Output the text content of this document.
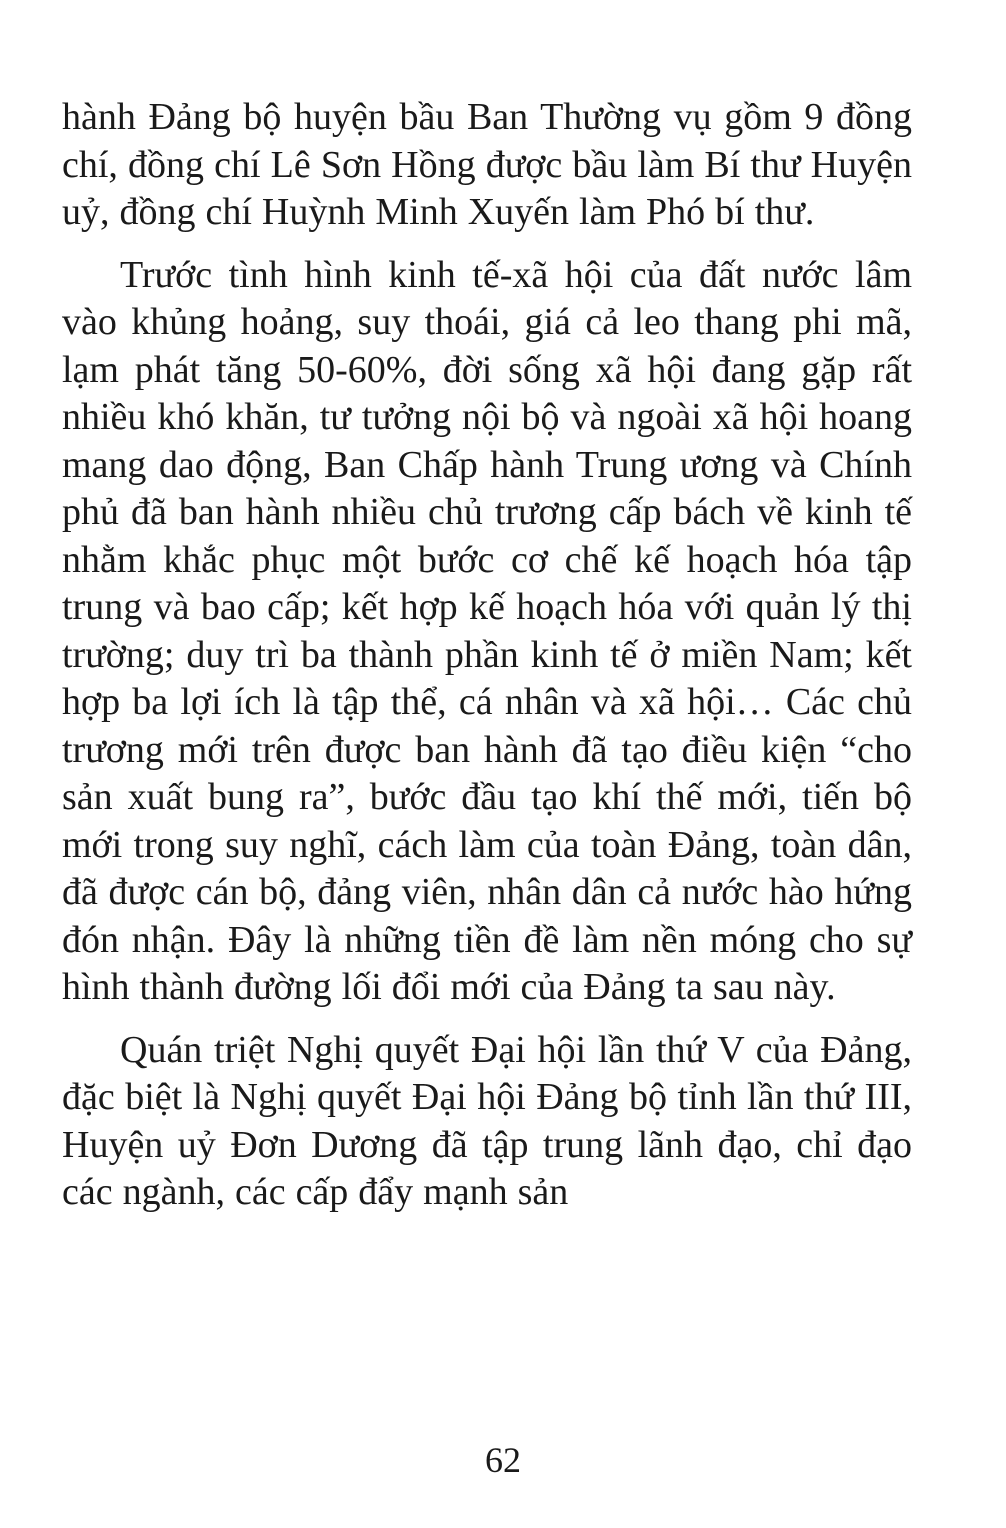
hành Đảng bộ huyện bầu Ban Thường vụ gồm 9 đồng chí, đồng chí Lê Sơn Hồng được bầu làm Bí thư Huyện uỷ, đồng chí Huỳnh Minh Xuyến làm Phó bí thư.

Trước tình hình kinh tế-xã hội của đất nước lâm vào khủng hoảng, suy thoái, giá cả leo thang phi mã, lạm phát tăng 50-60%, đời sống xã hội đang gặp rất nhiều khó khăn, tư tưởng nội bộ và ngoài xã hội hoang mang dao động, Ban Chấp hành Trung ương và Chính phủ đã ban hành nhiều chủ trương cấp bách về kinh tế nhằm khắc phục một bước cơ chế kế hoạch hóa tập trung và bao cấp; kết hợp kế hoạch hóa với quản lý thị trường; duy trì ba thành phần kinh tế ở miền Nam; kết hợp ba lợi ích là tập thể, cá nhân và xã hội… Các chủ trương mới trên được ban hành đã tạo điều kiện “cho sản xuất bung ra”, bước đầu tạo khí thế mới, tiến bộ mới trong suy nghĩ, cách làm của toàn Đảng, toàn dân, đã được cán bộ, đảng viên, nhân dân cả nước hào hứng đón nhận. Đây là những tiền đề làm nền móng cho sự hình thành đường lối đổi mới của Đảng ta sau này.

Quán triệt Nghị quyết Đại hội lần thứ V của Đảng, đặc biệt là Nghị quyết Đại hội Đảng bộ tỉnh lần thứ III, Huyện uỷ Đơn Dương đã tập trung lãnh đạo, chỉ đạo các ngành, các cấp đẩy mạnh sản

62
